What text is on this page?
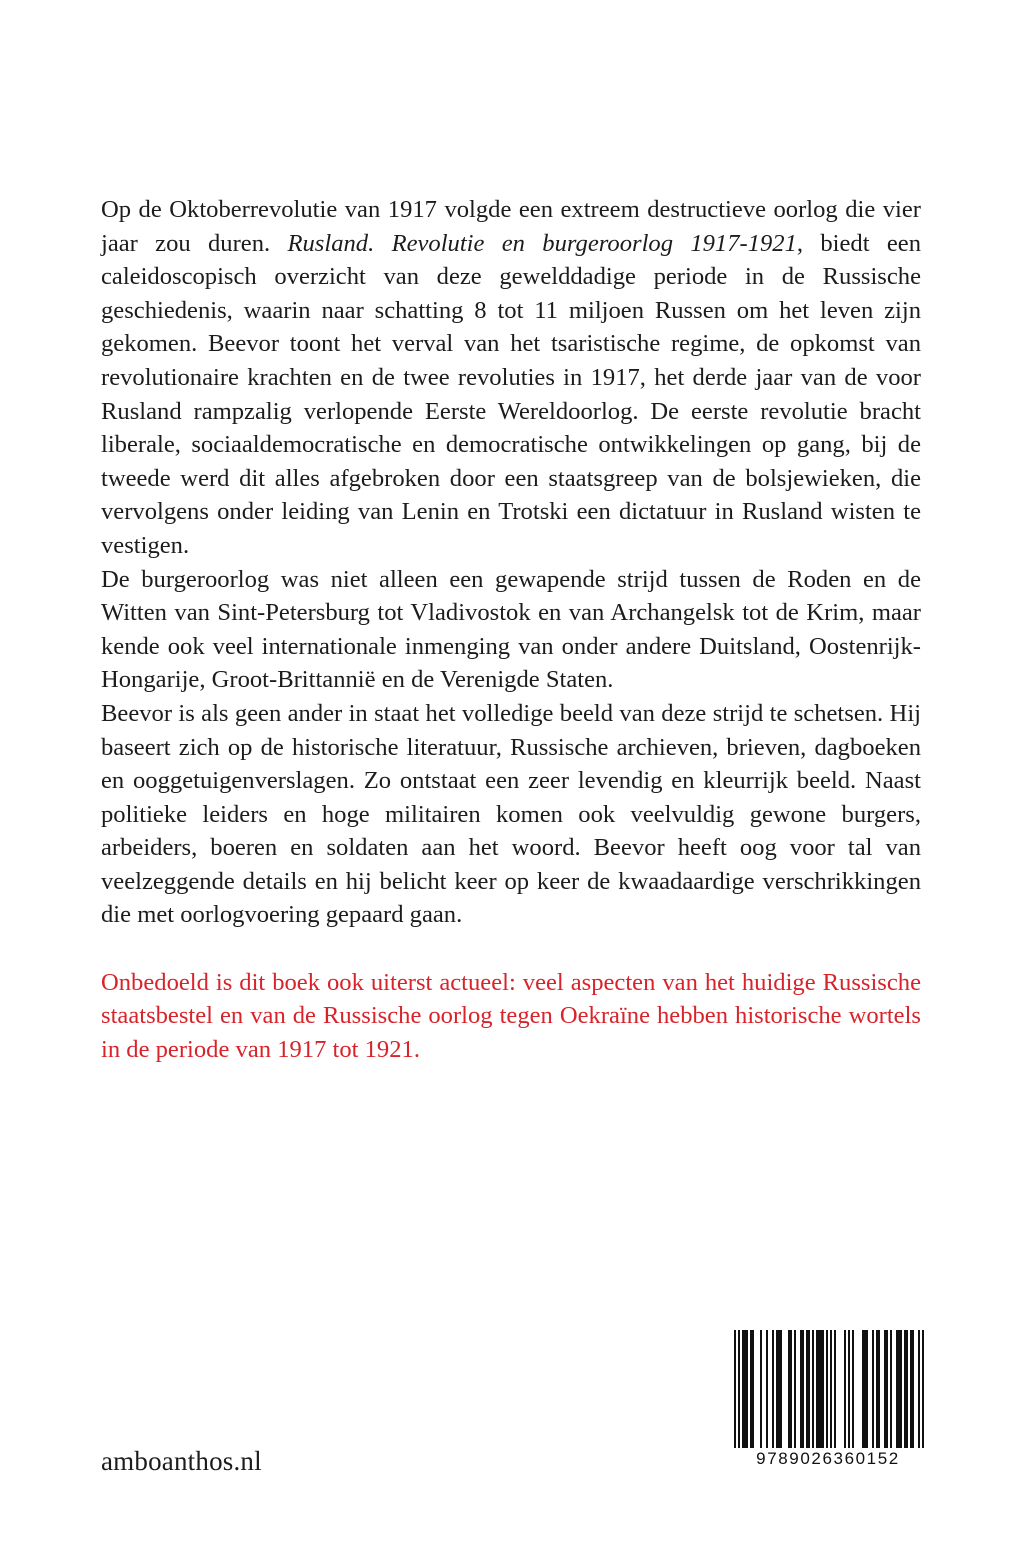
Op de Oktoberrevolutie van 1917 volgde een extreem destructieve oorlog die vier jaar zou duren. Rusland. Revolutie en burgeroorlog 1917-1921, biedt een caleidoscopisch overzicht van deze gewelddadige periode in de Russische geschiedenis, waarin naar schatting 8 tot 11 miljoen Russen om het leven zijn gekomen. Beevor toont het verval van het tsaristische regime, de opkomst van revolutionaire krachten en de twee revoluties in 1917, het derde jaar van de voor Rusland rampzalig verlopende Eerste Wereldoorlog. De eerste revolutie bracht liberale, sociaaldemocratische en democratische ontwikkelingen op gang, bij de tweede werd dit alles afgebroken door een staatsgreep van de bolsjewieken, die vervolgens onder leiding van Lenin en Trotski een dictatuur in Rusland wisten te vestigen.

De burgeroorlog was niet alleen een gewapende strijd tussen de Roden en de Witten van Sint-Petersburg tot Vladivostok en van Archangelsk tot de Krim, maar kende ook veel internationale inmenging van onder andere Duitsland, Oostenrijk-Hongarije, Groot-Brittannië en de Verenigde Staten.

Beevor is als geen ander in staat het volledige beeld van deze strijd te schetsen. Hij baseert zich op de historische literatuur, Russische archieven, brieven, dagboeken en ooggetuigenverslagen. Zo ontstaat een zeer levendig en kleurrijk beeld. Naast politieke leiders en hoge militairen komen ook veelvuldig gewone burgers, arbeiders, boeren en soldaten aan het woord. Beevor heeft oog voor tal van veelzeggende details en hij belicht keer op keer de kwaadaardige verschrikkingen die met oorlogvoering gepaard gaan.

Onbedoeld is dit boek ook uiterst actueel: veel aspecten van het huidige Russische staatsbestel en van de Russische oorlog tegen Oekraïne hebben historische wortels in de periode van 1917 tot 1921.

amboanthos.nl	9789026360152
